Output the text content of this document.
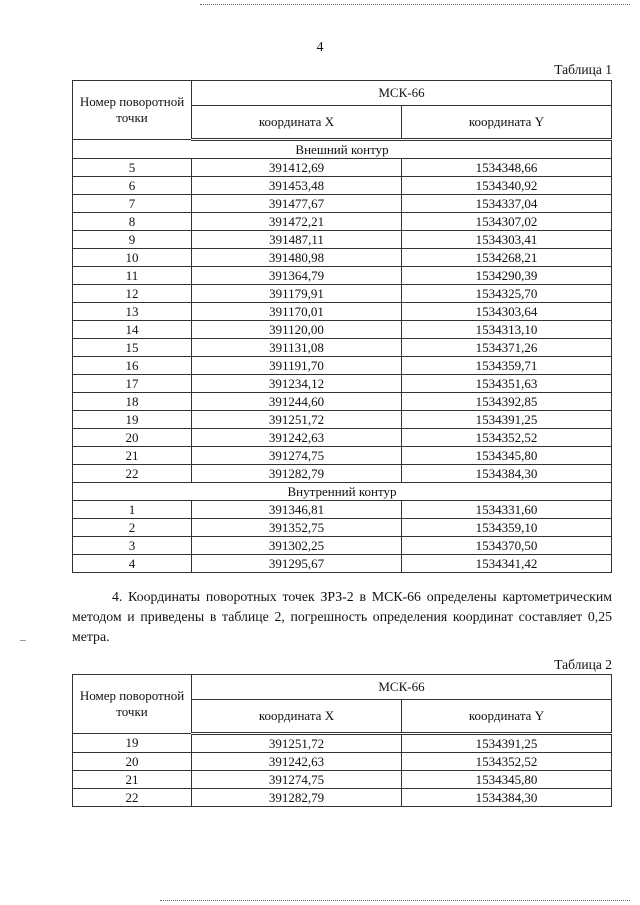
4
Таблица 1
Номер поворотной точки	МСК-66	
	координата X	координата Y
Внешний контур		
5	391412,69	1534348,66
6	391453,48	1534340,92
7	391477,67	1534337,04
8	391472,21	1534307,02
9	391487,11	1534303,41
10	391480,98	1534268,21
11	391364,79	1534290,39
12	391179,91	1534325,70
13	391170,01	1534303,64
14	391120,00	1534313,10
15	391131,08	1534371,26
16	391191,70	1534359,71
17	391234,12	1534351,63
18	391244,60	1534392,85
19	391251,72	1534391,25
20	391242,63	1534352,52
21	391274,75	1534345,80
22	391282,79	1534384,30
Внутренний контур		
1	391346,81	1534331,60
2	391352,75	1534359,10
3	391302,25	1534370,50
4	391295,67	1534341,42
4. Координаты поворотных точек ЗРЗ-2 в МСК-66 определены картометрическим методом и приведены в таблице 2, погрешность определения координат составляет 0,25 метра.
Таблица 2
Номер поворотной точки	МСК-66	
	координата X	координата Y
19	391251,72	1534391,25
20	391242,63	1534352,52
21	391274,75	1534345,80
22	391282,79	1534384,30
